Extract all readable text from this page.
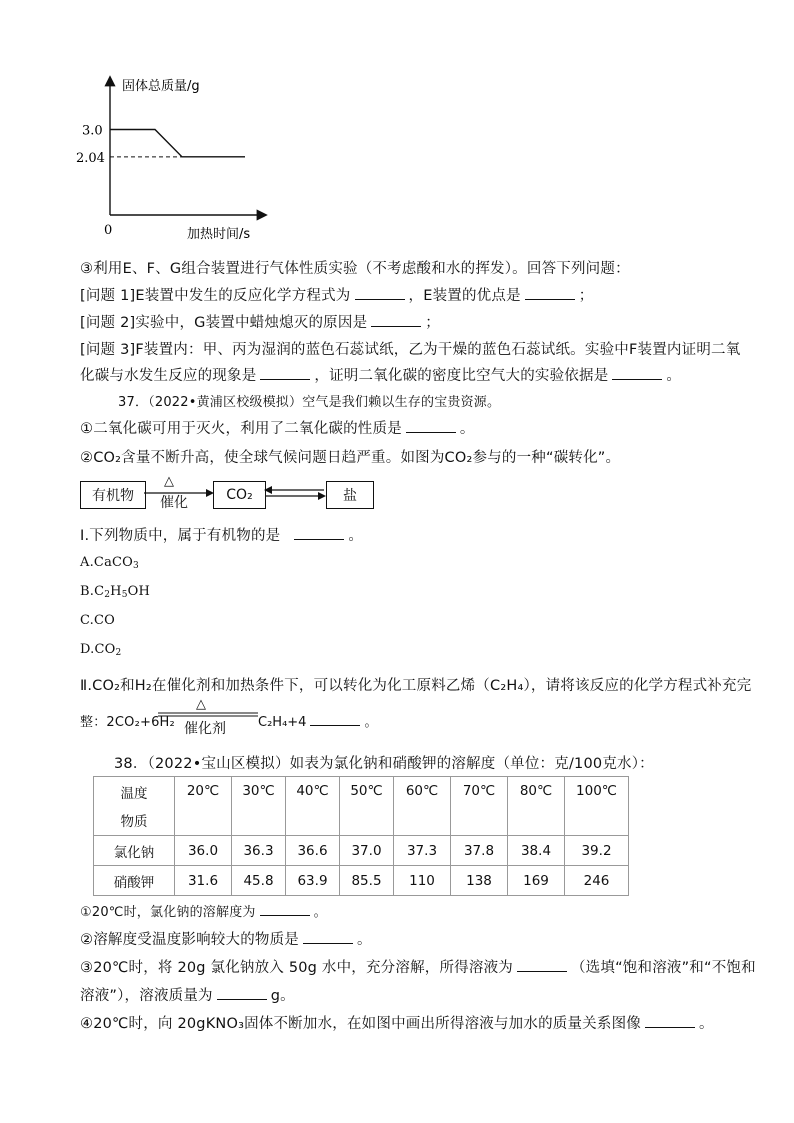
固体总质量/g
加热时间/s
0
3.0
2.04
③利用E、F、G组合装置进行气体性质实验（不考虑酸和水的挥发）。回答下列问题：
[问题 1]E装置中发生的反应化学方程式为	，E装置的优点是	；
[问题 2]实验中，G装置中蜡烛熄灭的原因是	；
[问题 3]F装置内：甲、丙为湿润的蓝色石蕊试纸，乙为干燥的蓝色石蕊试纸。实验中F装置内证明二氧
化碳与水发生反应的现象是	，证明二氧化碳的密度比空气大的实验依据是	。
37．（2022•黄浦区校级模拟）空气是我们赖以生存的宝贵资源。
①二氧化碳可用于灭火，利用了二氧化碳的性质是	。
②CO₂含量不断升高，使全球气候问题日趋严重。如图为CO₂参与的一种“碳转化”。
有机物
△
催化	CO₂ ⇌	盐
Ⅰ.下列物质中，属于有机物的是	。
A.CaCO$_3$
$B.C_2H_5OH$
C.CO
$D.CO_2$
Ⅱ.CO₂和H₂在催化剂和加热条件下，可以转化为化工原料乙烯（C₂H₄），请将该反应的化学方程式补充完
整：2CO₂+6H₂
△
催化剂 C₂H₄+4	。
38．（2022•宝山区模拟）如表为氯化钠和硝酸钾的溶解度（单位：克/100克水）：
温度
物质	20℃	30℃	40℃	50℃	60℃	70℃	80℃	100℃

氯化钠	36.0	36.3	36.6	37.0	37.3	37.8	38.4	39.2
硝酸钾	31.6	45.8	63.9	85.5	110	138	169	246
①20℃时，氯化钠的溶解度为	。
②溶解度受温度影响较大的物质是	。
③20℃时，将 20g 氯化钠放入 50g 水中，充分溶解，所得溶液为	（选填“饱和溶液”和“不饱和
溶液”），溶液质量为	g。
④20℃时，向 20gKNO₃固体不断加水，在如图中画出所得溶液与加水的质量关系图像	。
